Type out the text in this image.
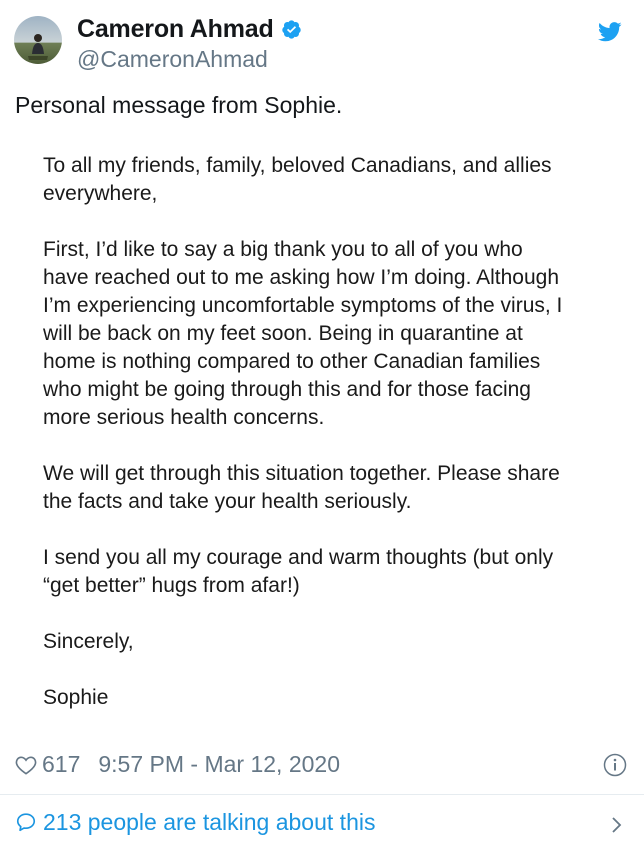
Cameron Ahmad
@CameronAhmad
Personal message from Sophie.

To all my friends, family, beloved Canadians, and allies
everywhere,

First, I’d like to say a big thank you to all of you who
have reached out to me asking how I’m doing. Although
I’m experiencing uncomfortable symptoms of the virus, I
will be back on my feet soon. Being in quarantine at
home is nothing compared to other Canadian families
who might be going through this and for those facing
more serious health concerns.

We will get through this situation together. Please share
the facts and take your health seriously.

I send you all my courage and warm thoughts (but only
“get better” hugs from afar!)

Sincerely,

Sophie

617 9:57 PM - Mar 12, 2020
213 people are talking about this
